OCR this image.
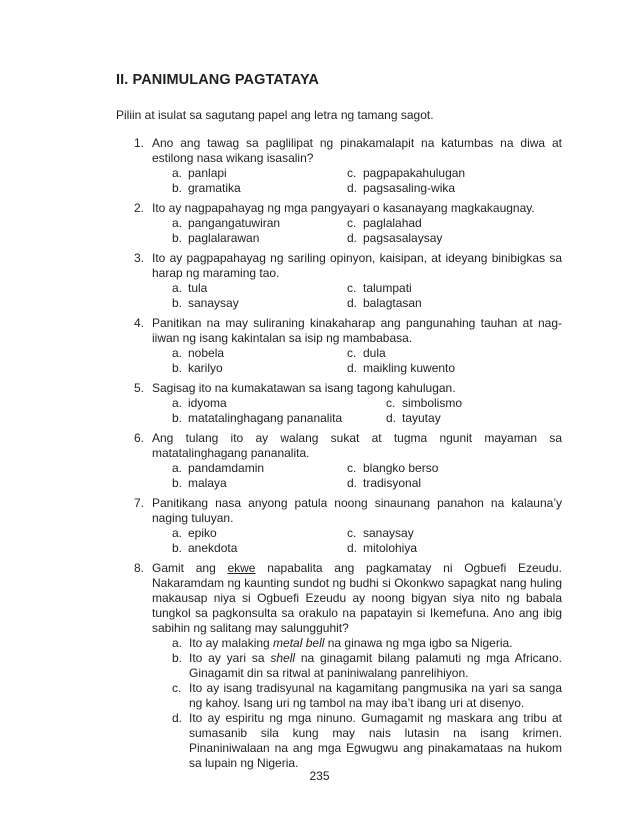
II. PANIMULANG PAGTATAYA

Piliin at isulat sa sagutang papel ang letra ng tamang sagot.

1. Ano ang tawag sa paglilipat ng pinakamalapit na katumbas na diwa at estilong nasa wikang isasalin?
a. panlapi	c. pagpapakahulugan
b. gramatika	d. pagsasaling-wika
2. Ito ay nagpapahayag ng mga pangyayari o kasanayang magkakaugnay.
a. pangangatuwiran	c. paglalahad
b. paglalarawan	d. pagsasalaysay
3. Ito ay pagpapahayag ng sariling opinyon, kaisipan, at ideyang binibigkas sa harap ng maraming tao.
a. tula	c. talumpati
b. sanaysay	d. balagtasan
4. Panitikan na may suliraning kinakaharap ang pangunahing tauhan at nag-iiwan ng isang kakintalan sa isip ng mambabasa.
a. nobela	c. dula
b. karilyo	d. maikling kuwento
5. Sagisag ito na kumakatawan sa isang tagong kahulugan.
a. idyoma	c. simbolismo
b. matatalinghagang pananalita	d. tayutay
6. Ang tulang ito ay walang sukat at tugma ngunit mayaman sa matatalinghagang pananalita.
a. pandamdamin	c. blangko berso
b. malaya	d. tradisyonal
7. Panitikang nasa anyong patula noong sinaunang panahon na kalauna’y naging tuluyan.
a. epiko	c. sanaysay
b. anekdota	d. mitolohiya
8. Gamit ang ekwe napabalita ang pagkamatay ni Ogbuefi Ezeudu. Nakaramdam ng kaunting sundot ng budhi si Okonkwo sapagkat nang huling makausap niya si Ogbuefi Ezeudu ay noong bigyan siya nito ng babala tungkol sa pagkonsulta sa orakulo na papatayin si Ikemefuna. Ano ang ibig sabihin ng salitang may salungguhit?
a. Ito ay malaking metal bell na ginawa ng mga igbo sa Nigeria.
b. Ito ay yari sa shell na ginagamit bilang palamuti ng mga Africano. Ginagamit din sa ritwal at paniniwalang panrelihiyon.
c. Ito ay isang tradisyunal na kagamitang pangmusika na yari sa sanga ng kahoy. Isang uri ng tambol na may iba’t ibang uri at disenyo.
d. Ito ay espiritu ng mga ninuno. Gumagamit ng maskara ang tribu at sumasanib sila kung may nais lutasin na isang krimen. Pinaniniwalaan na ang mga Egwugwu ang pinakamataas na hukom sa lupain ng Nigeria.
235
